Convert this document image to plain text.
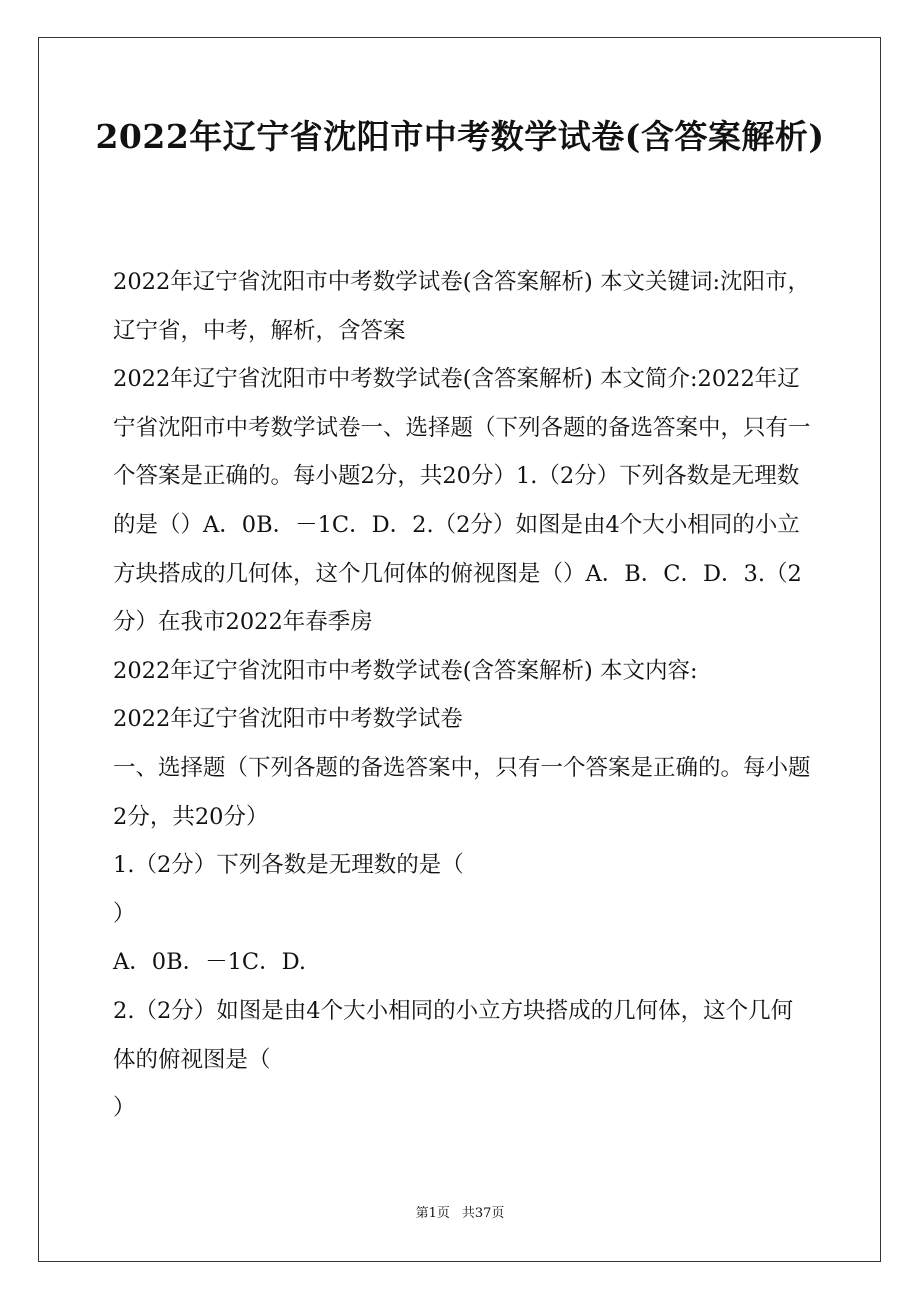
2022年辽宁省沈阳市中考数学试卷(含答案解析)

2022年辽宁省沈阳市中考数学试卷(含答案解析) 本文关键词:沈阳市，辽宁省，中考，解析，含答案

2022年辽宁省沈阳市中考数学试卷(含答案解析) 本文简介:2022年辽宁省沈阳市中考数学试卷一、选择题（下列各题的备选答案中，只有一个答案是正确的。每小题2分，共20分）1.（2分）下列各数是无理数的是（）A．0B．－1C．D．2.（2分）如图是由4个大小相同的小立方块搭成的几何体，这个几何体的俯视图是（）A．B．C．D．3.（2分）在我市2022年春季房

2022年辽宁省沈阳市中考数学试卷(含答案解析) 本文内容:

2022年辽宁省沈阳市中考数学试卷

一、选择题（下列各题的备选答案中，只有一个答案是正确的。每小题2分，共20分）

1.（2分）下列各数是无理数的是（

）

A．0B．－1C．D.

2.（2分）如图是由4个大小相同的小立方块搭成的几何体，这个几何体的俯视图是（

）

第1页 共37页
